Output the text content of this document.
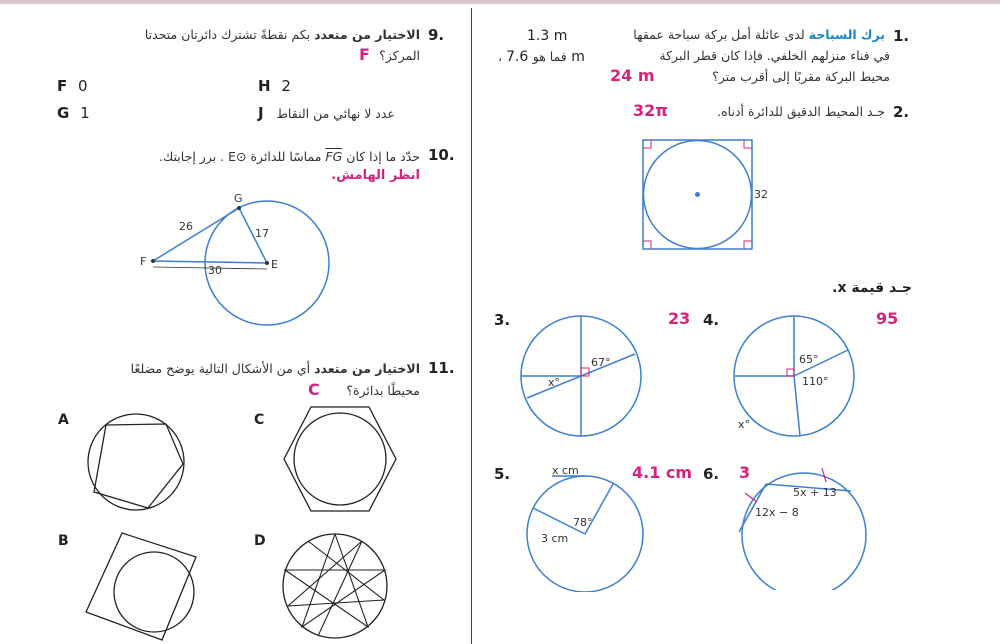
1.
برك السباحة لدى عائلة أمل بركة سباحة عمقها
1.3 m
في فناء منزلهم الخلفي. فإذا كان قطر البركة
، فما هو 7.6 m
محيط البركة مقربًا إلى أقرب متر؟
24 m
2.
جـد المحيط الدقيق للدائرة أدناه.
32π
32
جـد قيمة x.
3.	23
67°
x°
4.	95
65°
110°
x°
5.	4.1 cm
x cm
78°
3 cm
6. 3
5x + 13
12x − 8
9.
الاختيار من متعدد بكم نقطةً تشترك دائرتان متحدتا
المركز؟
F
F 0	H 2
G 1	J عدد لا نهائي من النقاط
10.
حدّد ما إذا كان FG مماسًا للدائرة ⊙E . برر إجابتك.
انظر الهامش.
G
F	E
26
17
30
11.
الاختيار من متعدد أي من الأشكال التالية يوضح مضلعًا
محيطًا بدائرة؟
C
A	C
B	D
